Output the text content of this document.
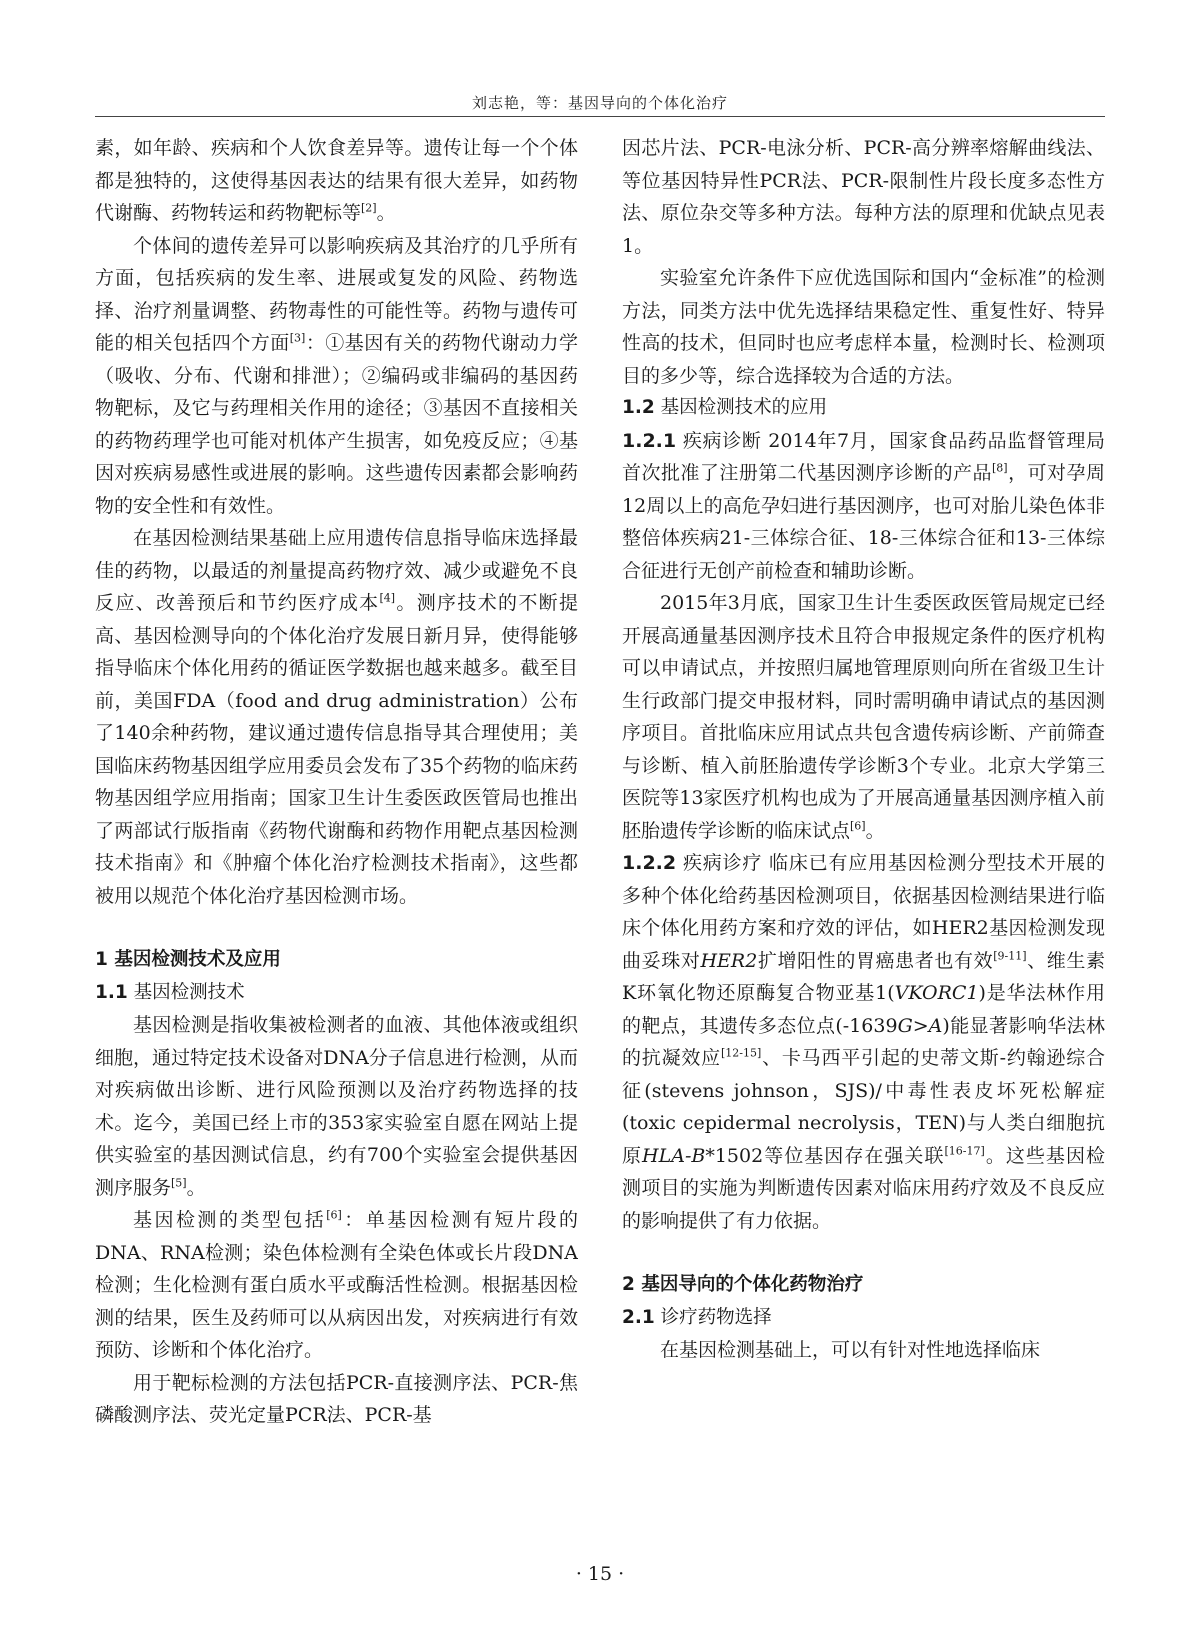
刘志艳，等：基因导向的个体化治疗

素，如年龄、疾病和个人饮食差异等。遗传让每一个个体都是独特的，这使得基因表达的结果有很大差异，如药物代谢酶、药物转运和药物靶标等[2]。

个体间的遗传差异可以影响疾病及其治疗的几乎所有方面，包括疾病的发生率、进展或复发的风险、药物选择、治疗剂量调整、药物毒性的可能性等。药物与遗传可能的相关包括四个方面[3]：①基因有关的药物代谢动力学（吸收、分布、代谢和排泄）；②编码或非编码的基因药物靶标，及它与药理相关作用的途径；③基因不直接相关的药物药理学也可能对机体产生损害，如免疫反应；④基因对疾病易感性或进展的影响。这些遗传因素都会影响药物的安全性和有效性。

在基因检测结果基础上应用遗传信息指导临床选择最佳的药物，以最适的剂量提高药物疗效、减少或避免不良反应、改善预后和节约医疗成本[4]。测序技术的不断提高、基因检测导向的个体化治疗发展日新月异，使得能够指导临床个体化用药的循证医学数据也越来越多。截至目前，美国FDA（food and drug administration）公布了140余种药物，建议通过遗传信息指导其合理使用；美国临床药物基因组学应用委员会发布了35个药物的临床药物基因组学应用指南；国家卫生计生委医政医管局也推出了两部试行版指南《药物代谢酶和药物作用靶点基因检测技术指南》和《肿瘤个体化治疗检测技术指南》，这些都被用以规范个体化治疗基因检测市场。

1 基因检测技术及应用

1.1 基因检测技术

基因检测是指收集被检测者的血液、其他体液或组织细胞，通过特定技术设备对DNA分子信息进行检测，从而对疾病做出诊断、进行风险预测以及治疗药物选择的技术。迄今，美国已经上市的353家实验室自愿在网站上提供实验室的基因测试信息，约有700个实验室会提供基因测序服务[5]。

基因检测的类型包括[6]：单基因检测有短片段的DNA、RNA检测；染色体检测有全染色体或长片段DNA检测；生化检测有蛋白质水平或酶活性检测。根据基因检测的结果，医生及药师可以从病因出发，对疾病进行有效预防、诊断和个体化治疗。

用于靶标检测的方法包括PCR-直接测序法、PCR-焦磷酸测序法、荧光定量PCR法、PCR-基

因芯片法、PCR-电泳分析、PCR-高分辨率熔解曲线法、等位基因特异性PCR法、PCR-限制性片段长度多态性方法、原位杂交等多种方法。每种方法的原理和优缺点见表1。

实验室允许条件下应优选国际和国内“金标准”的检测方法，同类方法中优先选择结果稳定性、重复性好、特异性高的技术，但同时也应考虑样本量，检测时长、检测项目的多少等，综合选择较为合适的方法。

1.2 基因检测技术的应用

1.2.1 疾病诊断 2014年7月，国家食品药品监督管理局首次批准了注册第二代基因测序诊断的产品[8]，可对孕周12周以上的高危孕妇进行基因测序，也可对胎儿染色体非整倍体疾病21-三体综合征、18-三体综合征和13-三体综合征进行无创产前检查和辅助诊断。

2015年3月底，国家卫生计生委医政医管局规定已经开展高通量基因测序技术且符合申报规定条件的医疗机构可以申请试点，并按照归属地管理原则向所在省级卫生计生行政部门提交申报材料，同时需明确申请试点的基因测序项目。首批临床应用试点共包含遗传病诊断、产前筛查与诊断、植入前胚胎遗传学诊断3个专业。北京大学第三医院等13家医疗机构也成为了开展高通量基因测序植入前胚胎遗传学诊断的临床试点[6]。

1.2.2 疾病诊疗 临床已有应用基因检测分型技术开展的多种个体化给药基因检测项目，依据基因检测结果进行临床个体化用药方案和疗效的评估，如HER2基因检测发现曲妥珠对HER2扩增阳性的胃癌患者也有效[9-11]、维生素K环氧化物还原酶复合物亚基1(VKORC1)是华法林作用的靶点，其遗传多态位点(-1639G>A)能显著影响华法林的抗凝效应[12-15]、卡马西平引起的史蒂文斯-约翰逊综合征(stevens johnson，SJS)/中毒性表皮坏死松解症(toxic cepidermal necrolysis，TEN)与人类白细胞抗原HLA-B*1502等位基因存在强关联[16-17]。这些基因检测项目的实施为判断遗传因素对临床用药疗效及不良反应的影响提供了有力依据。

2 基因导向的个体化药物治疗

2.1 诊疗药物选择

在基因检测基础上，可以有针对性地选择临床

· 15 ·
